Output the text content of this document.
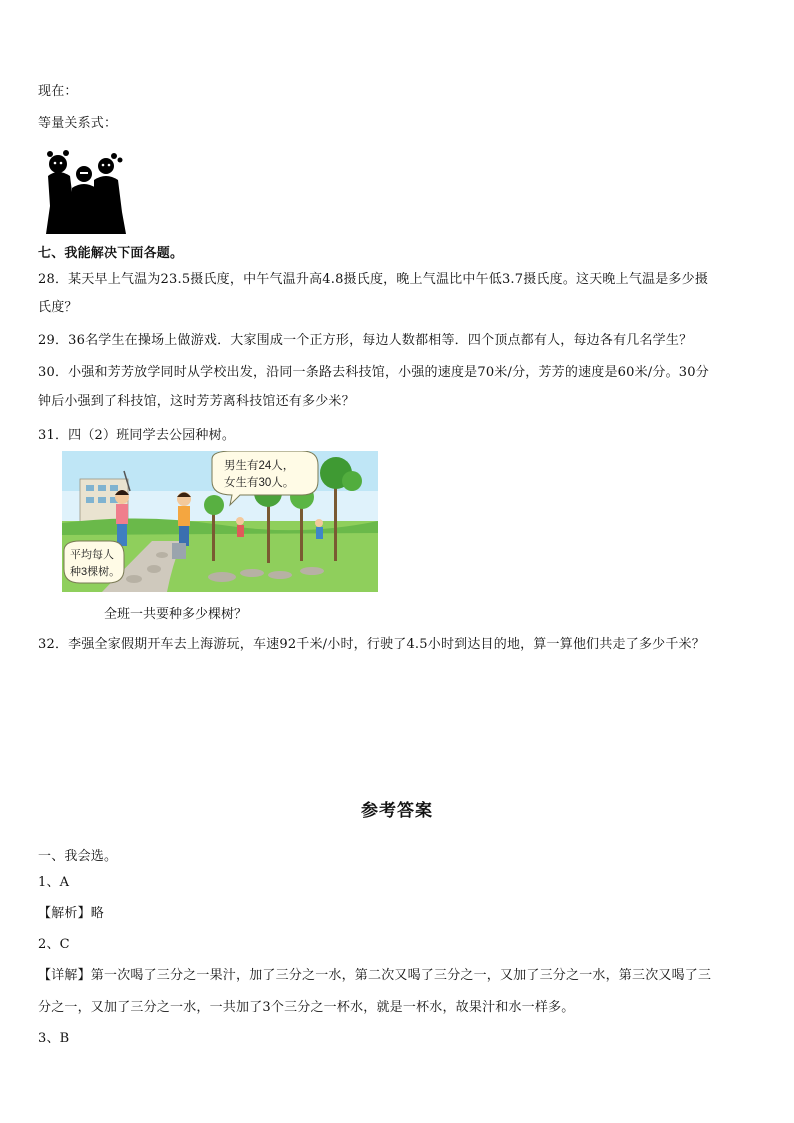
现在：
等量关系式：
七、我能解决下面各题。
28．某天早上气温为23.5摄氏度，中午气温升高4.8摄氏度，晚上气温比中午低3.7摄氏度。这天晚上气温是多少摄
氏度？
29．36名学生在操场上做游戏．大家围成一个正方形，每边人数都相等．四个顶点都有人，每边各有几名学生？
30．小强和芳芳放学同时从学校出发，沿同一条路去科技馆，小强的速度是70米/分，芳芳的速度是60米/分。30分
钟后小强到了科技馆，这时芳芳离科技馆还有多少米？
31．四（2）班同学去公园种树。
男生有24人，
女生有30人。
平均每人
种3棵树。
全班一共要种多少棵树？
32．李强全家假期开车去上海游玩，车速92千米/小时，行驶了4.5小时到达目的地，算一算他们共走了多少千米？
参考答案
一、我会选。
1、A
【解析】略
2、C
【详解】第一次喝了三分之一果汁，加了三分之一水，第二次又喝了三分之一，又加了三分之一水，第三次又喝了三
分之一，又加了三分之一水，一共加了3个三分之一杯水，就是一杯水，故果汁和水一样多。
3、B
